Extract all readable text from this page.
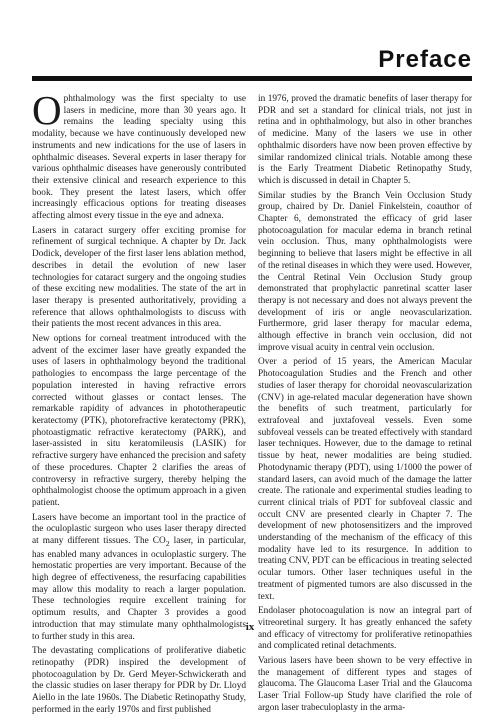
Preface

Ophthalmology was the first specialty to use lasers in medicine, more than 30 years ago. It remains the leading specialty using this modality, because we have continuously developed new instruments and new indications for the use of lasers in ophthalmic diseases. Several experts in laser therapy for various ophthalmic diseases have generously contributed their extensive clinical and research experience to this book. They present the latest lasers, which offer increasingly efficacious options for treating diseases affecting almost every tissue in the eye and adnexa.

Lasers in cataract surgery offer exciting promise for refinement of surgical technique. A chapter by Dr. Jack Dodick, developer of the first laser lens ablation method, describes in detail the evolution of new laser technologies for cataract surgery and the ongoing studies of these exciting new modalities. The state of the art in laser therapy is presented authoritatively, providing a reference that allows ophthalmologists to discuss with their patients the most recent advances in this area.

New options for corneal treatment introduced with the advent of the excimer laser have greatly expanded the uses of lasers in ophthalmology beyond the traditional pathologies to encompass the large percentage of the population interested in having refractive errors corrected without glasses or contact lenses. The remarkable rapidity of advances in phototherapeutic keratectomy (PTK), photorefractive keratectomy (PRK), photoastigmatic refractive keratectomy (PARK), and laser-assisted in situ keratomileusis (LASIK) for refractive surgery have enhanced the precision and safety of these procedures. Chapter 2 clarifies the areas of controversy in refractive surgery, thereby helping the ophthalmologist choose the optimum approach in a given patient.

Lasers have become an important tool in the practice of the oculoplastic surgeon who uses laser therapy directed at many different tissues. The $CO_2$ laser, in particular, has enabled many advances in oculoplastic surgery. The hemostatic properties are very important. Because of the high degree of effectiveness, the resurfacing capabilities may allow this modality to reach a larger population. These technologies require excellent training for optimum results, and Chapter 3 provides a good introduction that may stimulate many ophthalmologists to further study in this area.

The devastating complications of proliferative diabetic retinopathy (PDR) inspired the development of photocoagulation by Dr. Gerd Meyer-Schwickerath and the classic studies on laser therapy for PDR by Dr. Lloyd Aiello in the late 1960s. The Diabetic Retinopathy Study, performed in the early 1970s and first published

in 1976, proved the dramatic benefits of laser therapy for PDR and set a standard for clinical trials, not just in retina and in ophthalmology, but also in other branches of medicine. Many of the lasers we use in other ophthalmic disorders have now been proven effective by similar randomized clinical trials. Notable among these is the Early Treatment Diabetic Retinopathy Study, which is discussed in detail in Chapter 5.

Similar studies by the Branch Vein Occlusion Study group, chaired by Dr. Daniel Finkelstein, coauthor of Chapter 6, demonstrated the efficacy of grid laser photocoagulation for macular edema in branch retinal vein occlusion. Thus, many ophthalmologists were beginning to believe that lasers might be effective in all of the retinal diseases in which they were used. However, the Central Retinal Vein Occlusion Study group demonstrated that prophylactic panretinal scatter laser therapy is not necessary and does not always prevent the development of iris or angle neovascularization. Furthermore, grid laser therapy for macular edema, although effective in branch vein occlusion, did not improve visual acuity in central vein occlusion.

Over a period of 15 years, the American Macular Photocoagulation Studies and the French and other studies of laser therapy for choroidal neovascularization (CNV) in age-related macular degeneration have shown the benefits of such treatment, particularly for extrafoveal and juxtafoveal vessels. Even some subfoveal vessels can be treated effectively with standard laser techniques. However, due to the damage to retinal tissue by heat, newer modalities are being studied. Photodynamic therapy (PDT), using 1/1000 the power of standard lasers, can avoid much of the damage the latter create. The rationale and experimental studies leading to current clinical trials of PDT for subfoveal classic and occult CNV are presented clearly in Chapter 7. The development of new photosensitizers and the improved understanding of the mechanism of the efficacy of this modality have led to its resurgence. In addition to treating CNV, PDT can be efficacious in treating selected ocular tumors. Other laser techniques useful in the treatment of pigmented tumors are also discussed in the text.

Endolaser photocoagulation is now an integral part of vitreoretinal surgery. It has greatly enhanced the safety and efficacy of vitrectomy for proliferative retinopathies and complicated retinal detachments.

Various lasers have been shown to be very effective in the management of different types and stages of glaucoma. The Glaucoma Laser Trial and the Glaucoma Laser Trial Follow-up Study have clarified the role of argon laser trabeculoplasty in the arma-

ix
